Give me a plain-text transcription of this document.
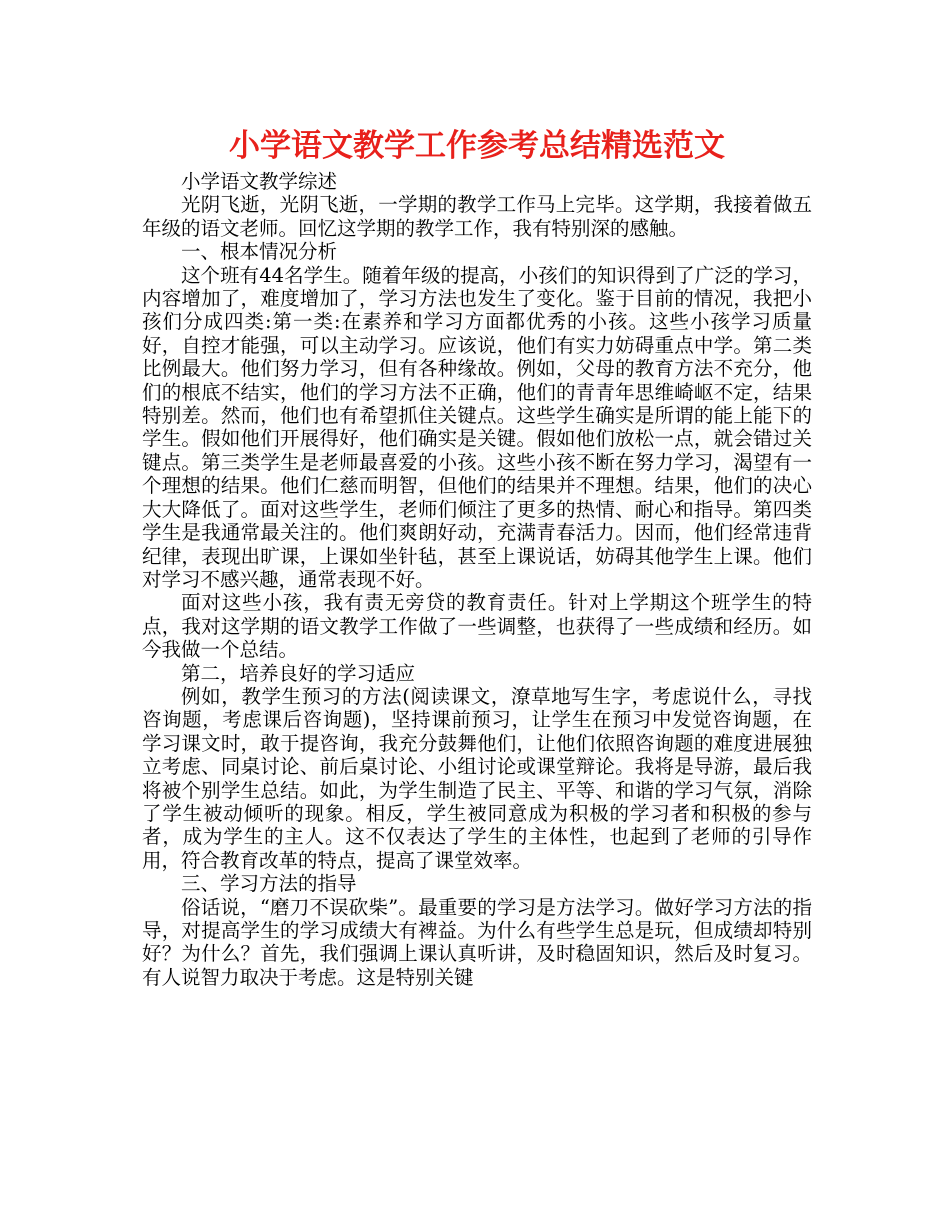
小学语文教学工作参考总结精选范文

小学语文教学综述

光阴飞逝，光阴飞逝，一学期的教学工作马上完毕。这学期，我接着做五年级的语文老师。回忆这学期的教学工作，我有特别深的感触。

一、根本情况分析

这个班有44名学生。随着年级的提高，小孩们的知识得到了广泛的学习，内容增加了，难度增加了，学习方法也发生了变化。鉴于目前的情况，我把小孩们分成四类:第一类:在素养和学习方面都优秀的小孩。这些小孩学习质量好，自控才能强，可以主动学习。应该说，他们有实力妨碍重点中学。第二类比例最大。他们努力学习，但有各种缘故。例如，父母的教育方法不充分，他们的根底不结实，他们的学习方法不正确，他们的青青年思维崎岖不定，结果特别差。然而，他们也有希望抓住关键点。这些学生确实是所谓的能上能下的学生。假如他们开展得好，他们确实是关键。假如他们放松一点，就会错过关键点。第三类学生是老师最喜爱的小孩。这些小孩不断在努力学习，渴望有一个理想的结果。他们仁慈而明智，但他们的结果并不理想。结果，他们的决心大大降低了。面对这些学生，老师们倾注了更多的热情、耐心和指导。第四类学生是我通常最关注的。他们爽朗好动，充满青春活力。因而，他们经常违背纪律，表现出旷课，上课如坐针毡，甚至上课说话，妨碍其他学生上课。他们对学习不感兴趣，通常表现不好。

面对这些小孩，我有责无旁贷的教育责任。针对上学期这个班学生的特点，我对这学期的语文教学工作做了一些调整，也获得了一些成绩和经历。如今我做一个总结。

第二，培养良好的学习适应

例如，教学生预习的方法(阅读课文，潦草地写生字，考虑说什么，寻找咨询题，考虑课后咨询题)，坚持课前预习，让学生在预习中发觉咨询题，在学习课文时，敢于提咨询，我充分鼓舞他们，让他们依照咨询题的难度进展独立考虑、同桌讨论、前后桌讨论、小组讨论或课堂辩论。我将是导游，最后我将被个别学生总结。如此，为学生制造了民主、平等、和谐的学习气氛，消除了学生被动倾听的现象。相反，学生被同意成为积极的学习者和积极的参与者，成为学生的主人。这不仅表达了学生的主体性，也起到了老师的引导作用，符合教育改革的特点，提高了课堂效率。

三、学习方法的指导

俗话说，“磨刀不误砍柴”。最重要的学习是方法学习。做好学习方法的指导，对提高学生的学习成绩大有裨益。为什么有些学生总是玩，但成绩却特别好？为什么？首先，我们强调上课认真听讲，及时稳固知识，然后及时复习。有人说智力取决于考虑。这是特别关键
